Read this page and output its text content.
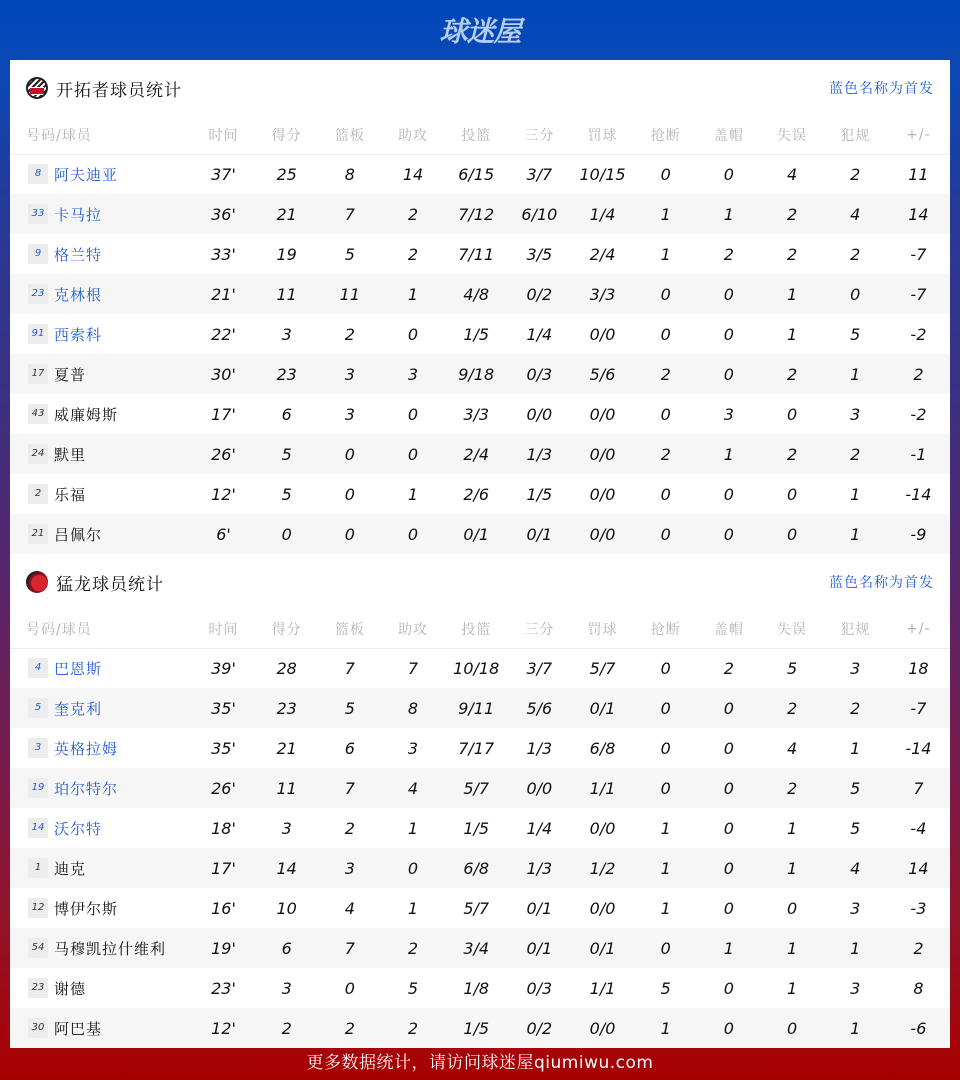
球迷屋
开拓者球员统计	蓝色名称为首发
号码/球员	时间	得分	篮板	助攻	投篮	三分	罚球	抢断	盖帽	失误	犯规	+/-
8 阿夫迪亚	37'	25	8	14	6/15	3/7	10/15	0	0	4	2	11
33 卡马拉	36'	21	7	2	7/12	6/10	1/4	1	1	2	4	14
9 格兰特	33'	19	5	2	7/11	3/5	2/4	1	2	2	2	-7
23 克林根	21'	11	11	1	4/8	0/2	3/3	0	0	1	0	-7
91 西索科	22'	3	2	0	1/5	1/4	0/0	0	0	1	5	-2
17 夏普	30'	23	3	3	9/18	0/3	5/6	2	0	2	1	2
43 威廉姆斯	17'	6	3	0	3/3	0/0	0/0	0	3	0	3	-2
24 默里	26'	5	0	0	2/4	1/3	0/0	2	1	2	2	-1
2 乐福	12'	5	0	1	2/6	1/5	0/0	0	0	0	1	-14
21 吕佩尔	6'	0	0	0	0/1	0/1	0/0	0	0	0	1	-9
猛龙球员统计	蓝色名称为首发
号码/球员	时间	得分	篮板	助攻	投篮	三分	罚球	抢断	盖帽	失误	犯规	+/-
4 巴恩斯	39'	28	7	7	10/18	3/7	5/7	0	2	5	3	18
5 奎克利	35'	23	5	8	9/11	5/6	0/1	0	0	2	2	-7
3 英格拉姆	35'	21	6	3	7/17	1/3	6/8	0	0	4	1	-14
19 珀尔特尔	26'	11	7	4	5/7	0/0	1/1	0	0	2	5	7
14 沃尔特	18'	3	2	1	1/5	1/4	0/0	1	0	1	5	-4
1 迪克	17'	14	3	0	6/8	1/3	1/2	1	0	1	4	14
12 博伊尔斯	16'	10	4	1	5/7	0/1	0/0	1	0	0	3	-3
54 马穆凯拉什维利	19'	6	7	2	3/4	0/1	0/1	0	1	1	1	2
23 谢德	23'	3	0	5	1/8	0/3	1/1	5	0	1	3	8
30 阿巴基	12'	2	2	2	1/5	0/2	0/0	1	0	0	1	-6
更多数据统计，请访问球迷屋qiumiwu.com
